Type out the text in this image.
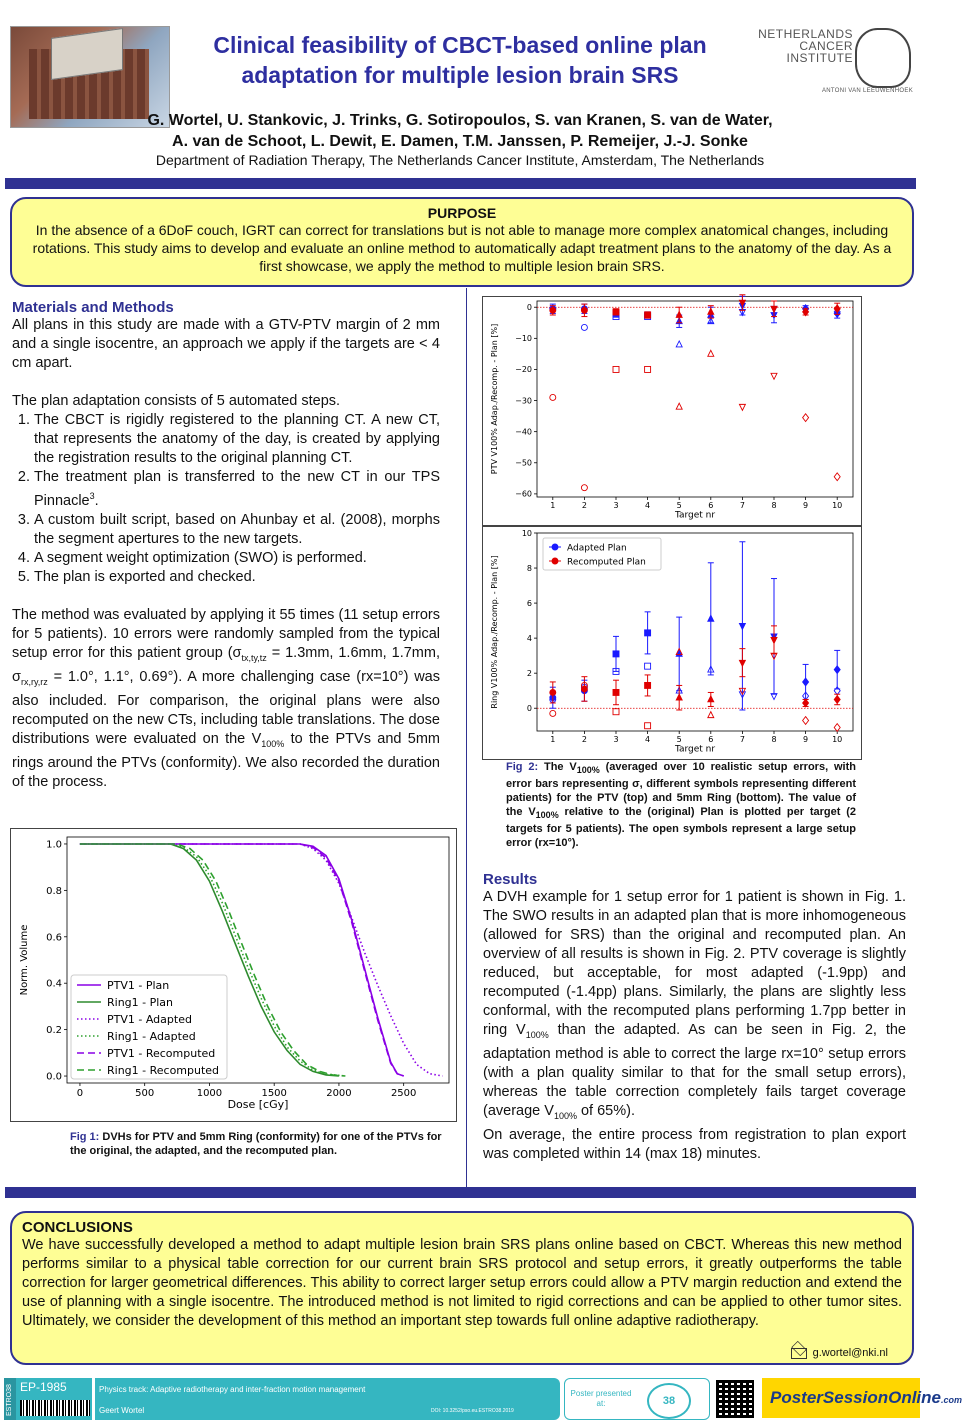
Clinical feasibility of CBCT-based online plan
adaptation for multiple lesion brain SRS
NETHERLANDS
CANCER
INSTITUTE
ANTONI VAN LEEUWENHOEK
G. Wortel, U. Stankovic, J. Trinks, G. Sotiropoulos, S. van Kranen, S. van de Water,
A. van de Schoot, L. Dewit, E. Damen, T.M. Janssen, P. Remeijer, J.-J. Sonke
Department of Radiation Therapy, The Netherlands Cancer Institute, Amsterdam, The Netherlands
PURPOSE
In the absence of a 6DoF couch, IGRT can correct for translations but is not able to manage more complex anatomical changes, including rotations. This study aims to develop and evaluate an online method to automatically adapt treatment plans to the anatomy of the day. As a first showcase, we apply the method to multiple lesion brain SRS.
Materials and Methods

All plans in this study are made with a GTV-PTV margin of 2 mm and a single isocentre, an approach we apply if the targets are < 4 cm apart.

The plan adaptation consists of 5 automated steps.
1. The CBCT is rigidly registered to the planning CT. A new CT, that represents the anatomy of the day, is created by applying the registration results to the original planning CT.
2. The treatment plan is transferred to the new CT in our TPS Pinnacle$^3$.
3. A custom built script, based on Ahunbay et al. (2008), morphs the segment apertures to the new targets.
4. A segment weight optimization (SWO) is performed.
5. The plan is exported and checked.

The method was evaluated by applying it 55 times (11 setup errors for 5 patients). 10 errors were randomly sampled from the typical setup error for this patient group ($\sigma_{tx,ty,tz} = 1.3mm$, 1.6mm, 1.7mm, $\sigma_{rx,ry,rz} = 1.0^\circ$, 1.1°, 0.69°). A more challenging case (rx=10°) was also included. For comparison, the original plans were also recomputed on the new CTs, including table translations. The dose distributions were evaluated on the $V_{100\%}$ to the PTVs and 5mm rings around the PTVs (conformity). We also recorded the duration of the process.

0	500	1000	1500	2000	2500
0.0
0.2
0.4
0.6
0.8
1.0
Dose [cGy]
Norm. Volume	PTV1 - Plan
Ring1 - Plan
PTV1 - Adapted
Ring1 - Adapted
PTV1 - Recomputed
Ring1 - Recomputed
Fig 1: DVHs for PTV and 5mm Ring (conformity) for one of the PTVs for the original, the adapted, and the recomputed plan.
1	2	3	4	5	6	7	8	9	10
0
−10
−20
−30
−40
−50
−60
Target nr
PTV V100% Adap./Recomp. - Plan [%]
1	2	3	4	5	6	7	8	9	10
0
2
4
6
8
10
Target nr
Ring V100% Adap./Recomp. - Plan [%]
Adapted Plan
Recomputed Plan
Fig 2: The $V_{100\%}$ (averaged over 10 realistic setup errors, with error bars representing σ, different symbols representing different patients) for the PTV (top) and 5mm Ring (bottom). The value of the $V_{100\%}$ relative to the (original) Plan is plotted per target (2 targets for 5 patients). The open symbols represent a large setup error (rx=10°).
Results
A DVH example for 1 setup error for 1 patient is shown in Fig. 1. The SWO results in an adapted plan that is more inhomogeneous (allowed for SRS) than the original and recomputed plan. An overview of all results is shown in Fig. 2. PTV coverage is slightly reduced, but acceptable, for most adapted (-1.9pp) and recomputed (-1.4pp) plans. Similarly, the plans are slightly less conformal, with the recomputed plans performing 1.7pp better in ring $V_{100\%}$ than the adapted. As can be seen in Fig. 2, the adaptation method is able to correct the large rx=10° setup errors (with a plan quality similar to that for the small setup errors), whereas the table correction completely fails target coverage (average $V_{100\%}$ of 65%).
On average, the entire process from registration to plan export was completed within 14 (max 18) minutes.
CONCLUSIONS
We have successfully developed a method to adapt multiple lesion brain SRS plans online based on CBCT. Whereas this new method performs similar to a physical table correction for our current brain SRS protocol and setup errors, it greatly outperforms the table correction for larger geometrical differences. This ability to correct larger setup errors could allow a PTV margin reduction and extend the use of planning with a single isocentre. The introduced method is not limited to rigid corrections and can be applied to other tumor sites. Ultimately, we consider the development of this method an important step towards full online adaptive radiotherapy.
g.wortel@nki.nl
ESTRO38 EP-1985	Physics track: Adaptive radiotherapy and inter-fraction motion management
Geert Wortel	DOI: 10.3252/pso.eu.ESTRO38.2019
Poster presented at:	38	PosterSessionOnline.com
